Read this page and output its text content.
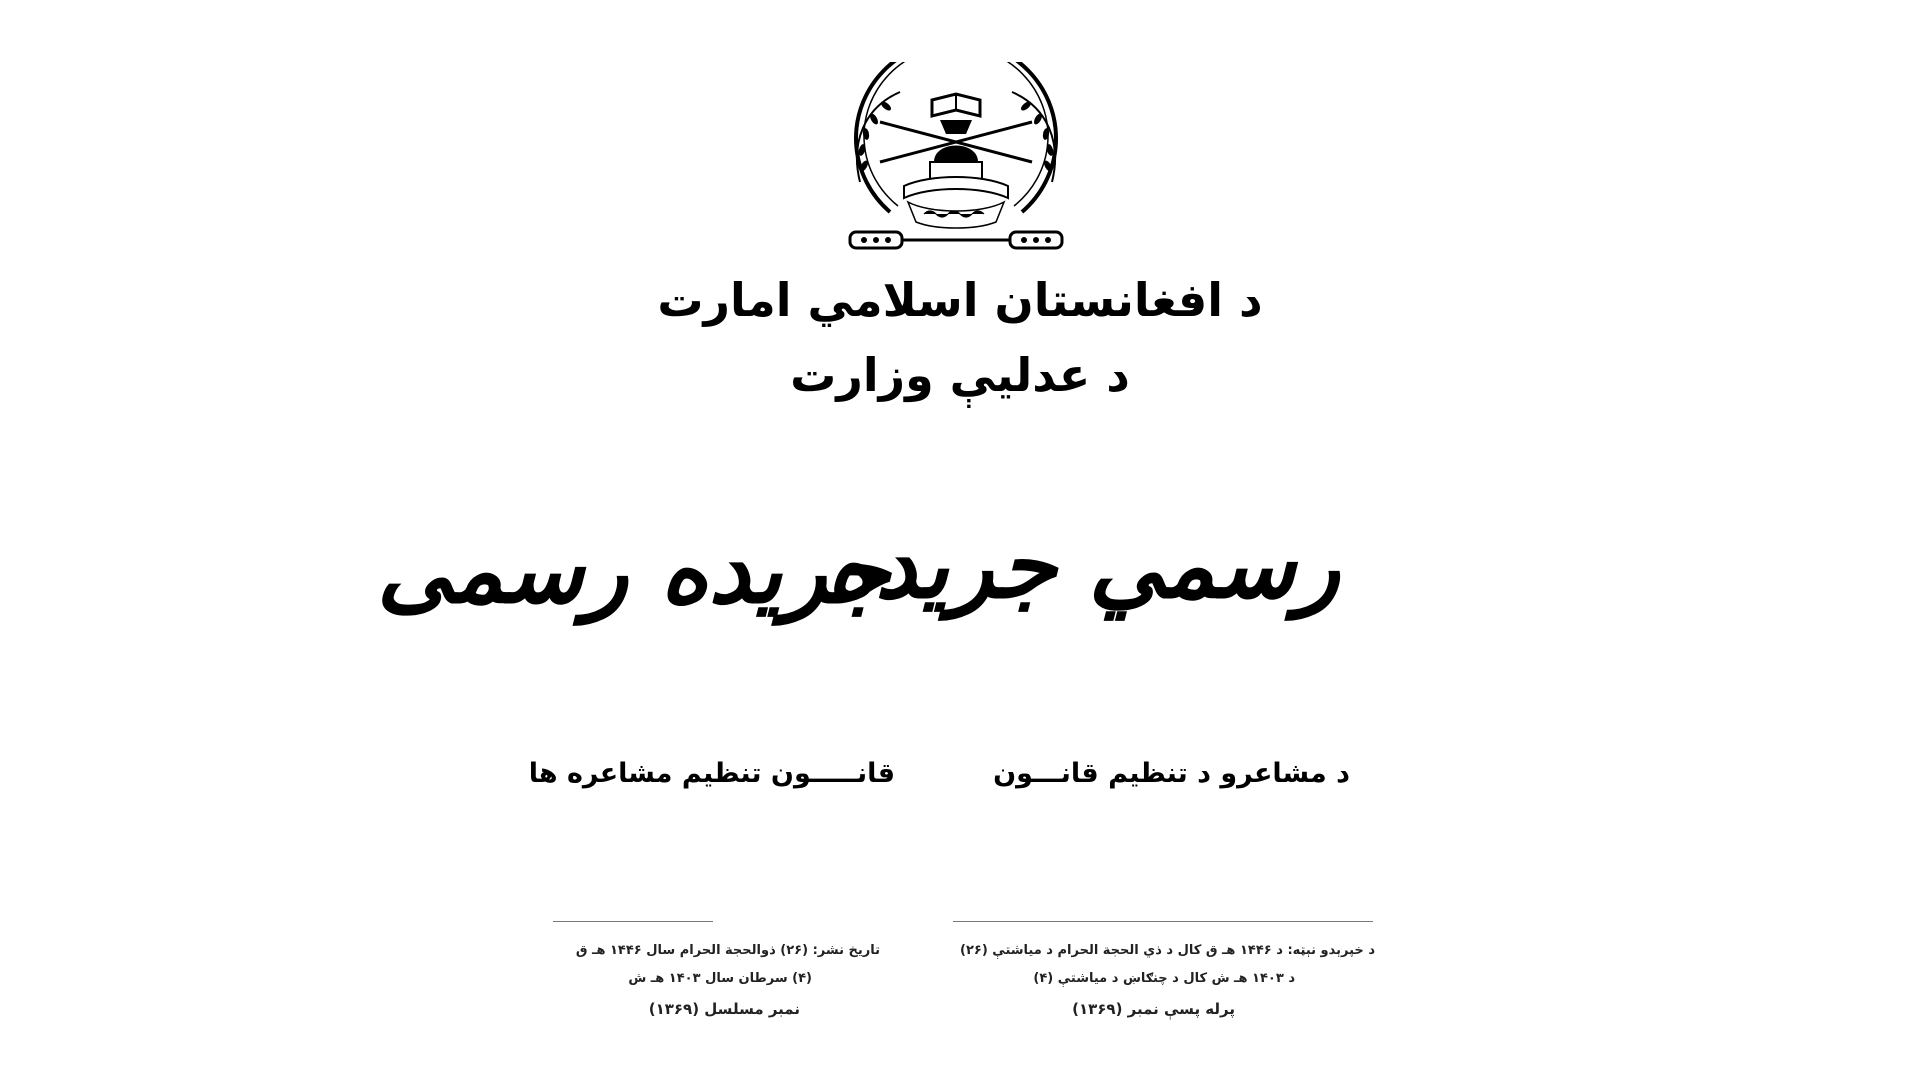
د افغانستان اسلامي امارت
د عدلیې وزارت
رسمي جريده
جريده رسمی
د مشاعرو د تنظيم قانـــون
قانـــــون تنظيم مشاعره ها
د خپرېدو نېټه: د ۱۴۴۶ هـ ق کال د ذي الحجة الحرام د میاشتې (۲۶)
د ۱۴۰۳ هـ ش کال د چنګاښ د میاشتې (۴)
پرله پسې نمبر (۱۳۶۹)
تاریخ نشر: (۲۶) ذوالحجة الحرام سال ۱۴۴۶ هـ ق
(۴) سرطان سال ۱۴۰۳ هـ ش
نمبر مسلسل (۱۳۶۹)
